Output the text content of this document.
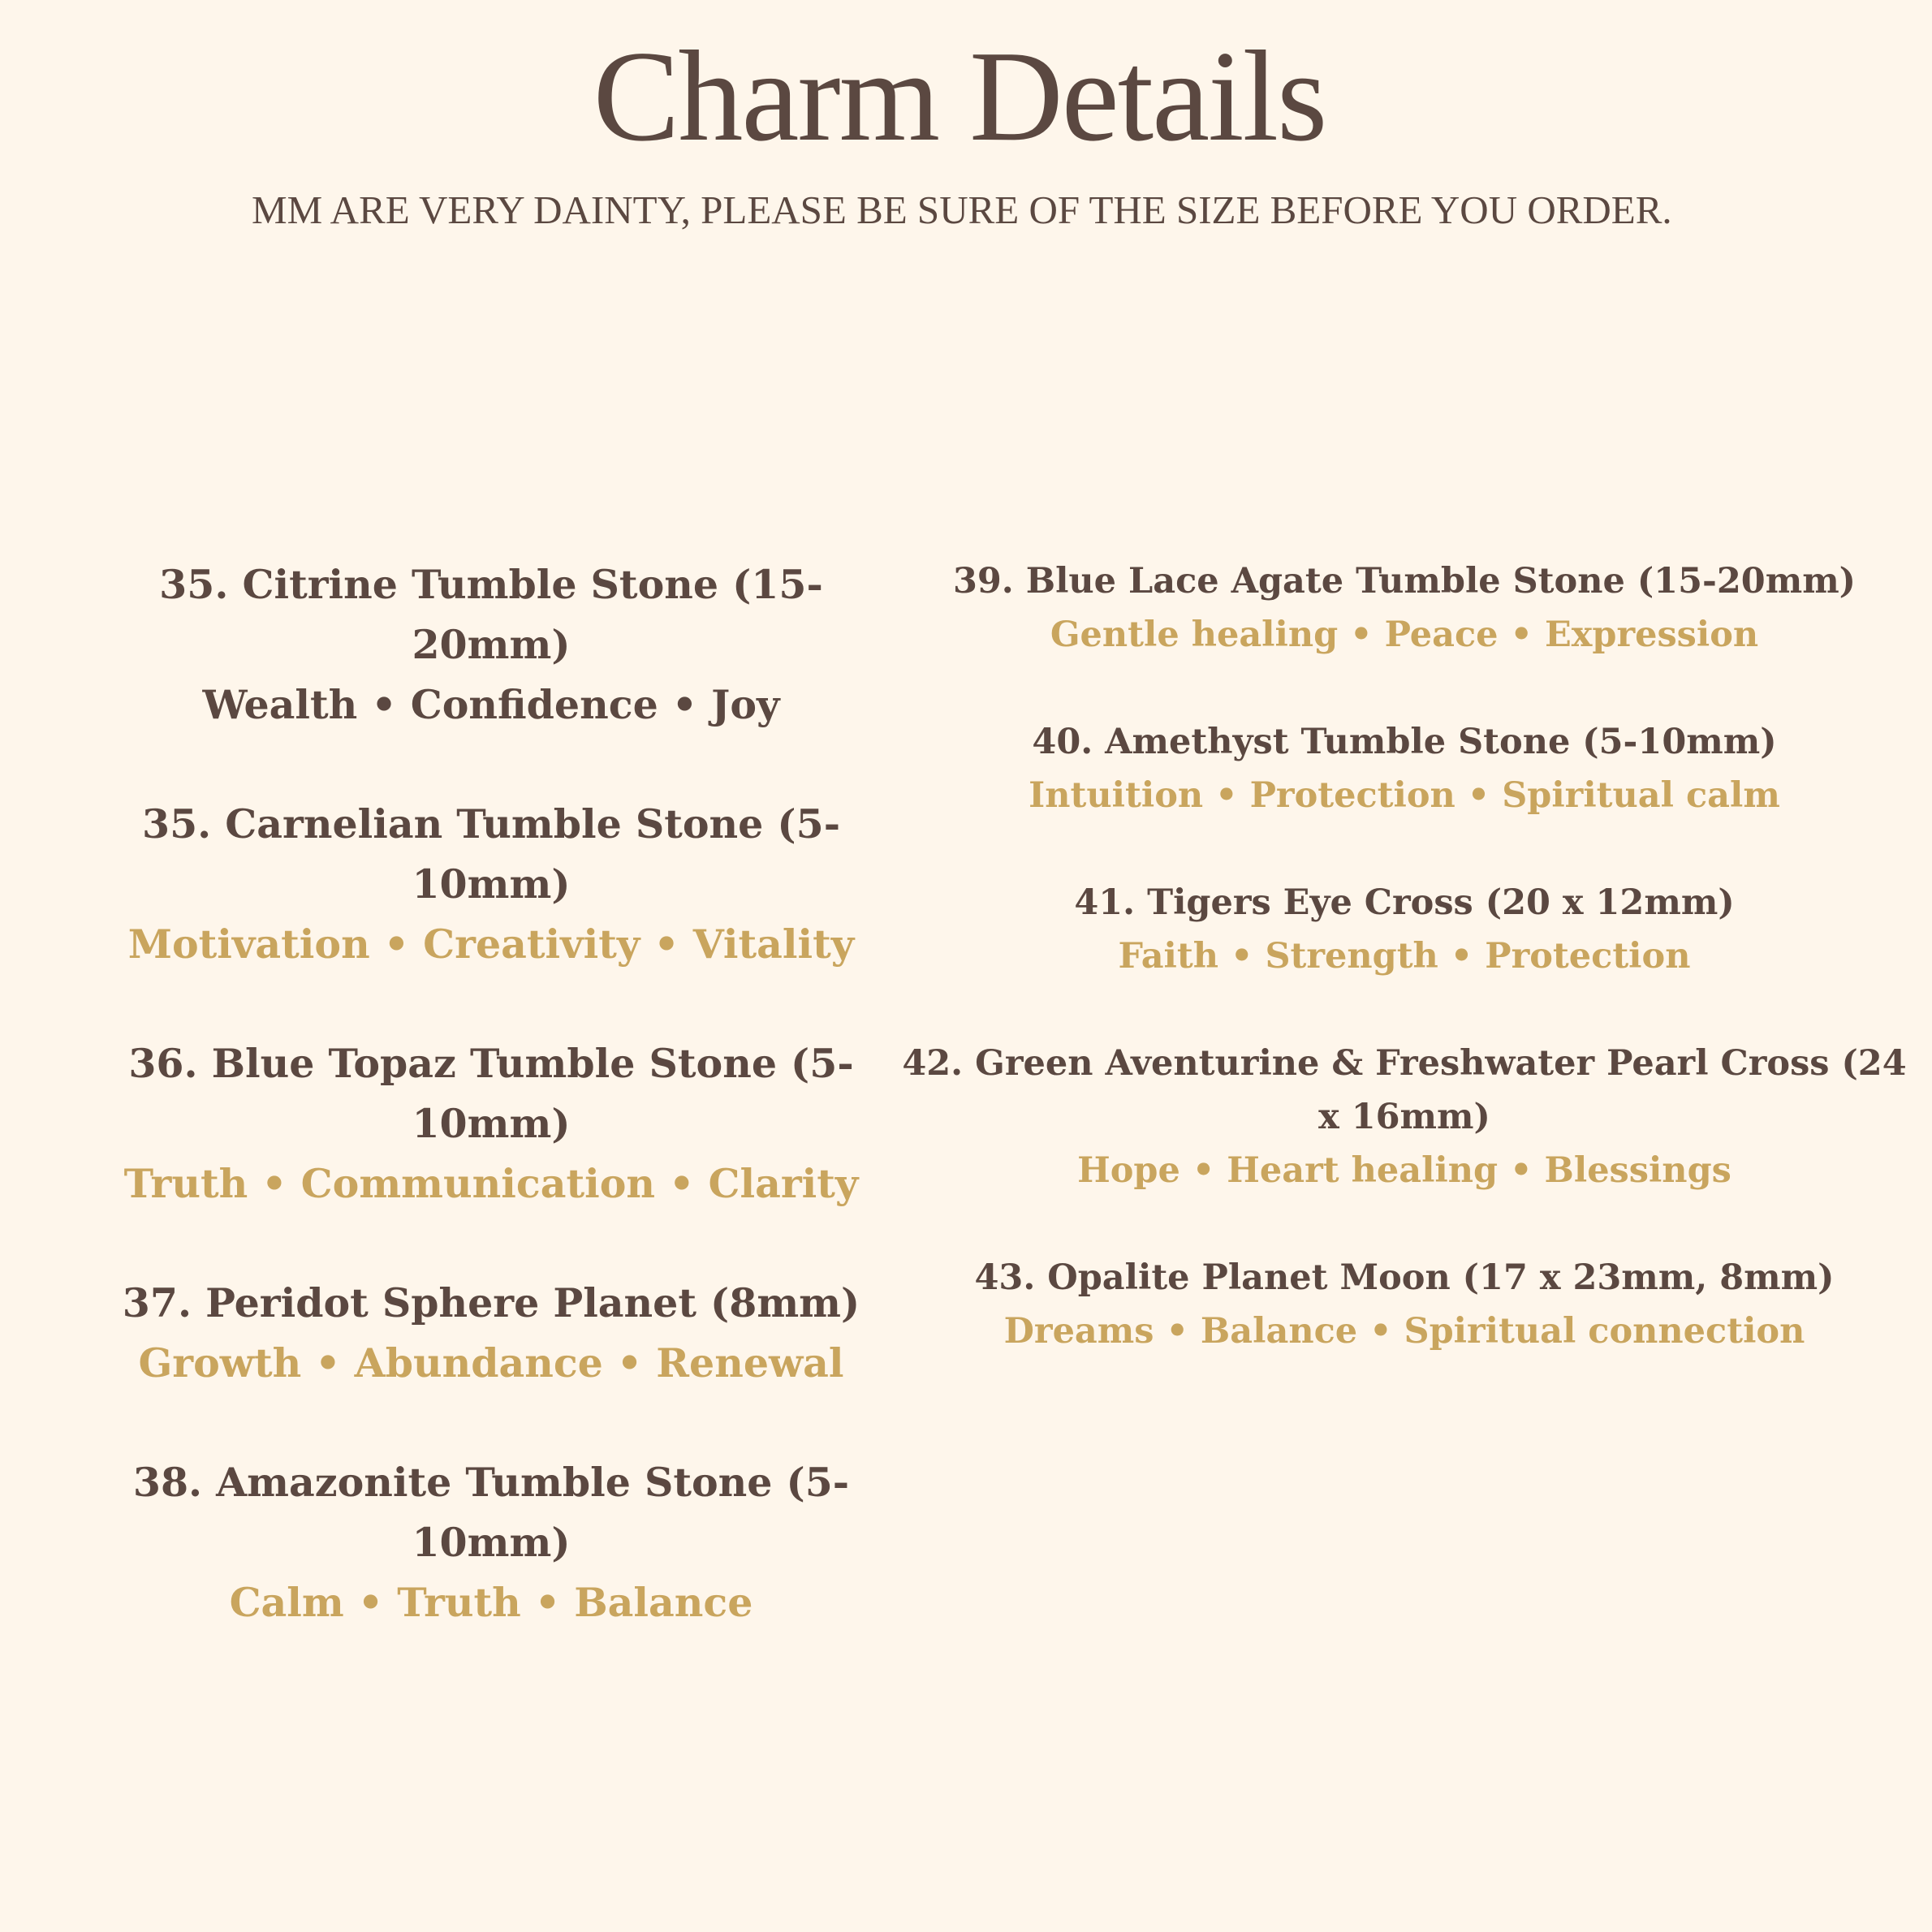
Charm Details
MM ARE VERY DAINTY, PLEASE BE SURE OF THE SIZE BEFORE YOU ORDER.
35. Citrine Tumble Stone (15-20mm)
Wealth • Confidence • Joy
35. Carnelian Tumble Stone (5-10mm)
Motivation • Creativity • Vitality
36. Blue Topaz Tumble Stone (5-10mm)
Truth • Communication • Clarity
37. Peridot Sphere Planet (8mm)
Growth • Abundance • Renewal
38. Amazonite Tumble Stone (5-10mm)
Calm • Truth • Balance
39. Blue Lace Agate Tumble Stone (15-20mm)
Gentle healing • Peace • Expression
40. Amethyst Tumble Stone (5-10mm)
Intuition • Protection • Spiritual calm
41. Tigers Eye Cross (20 x 12mm)
Faith • Strength • Protection
42. Green Aventurine & Freshwater Pearl Cross (24 x 16mm)
Hope • Heart healing • Blessings
43. Opalite Planet Moon (17 x 23mm, 8mm)
Dreams • Balance • Spiritual connection
